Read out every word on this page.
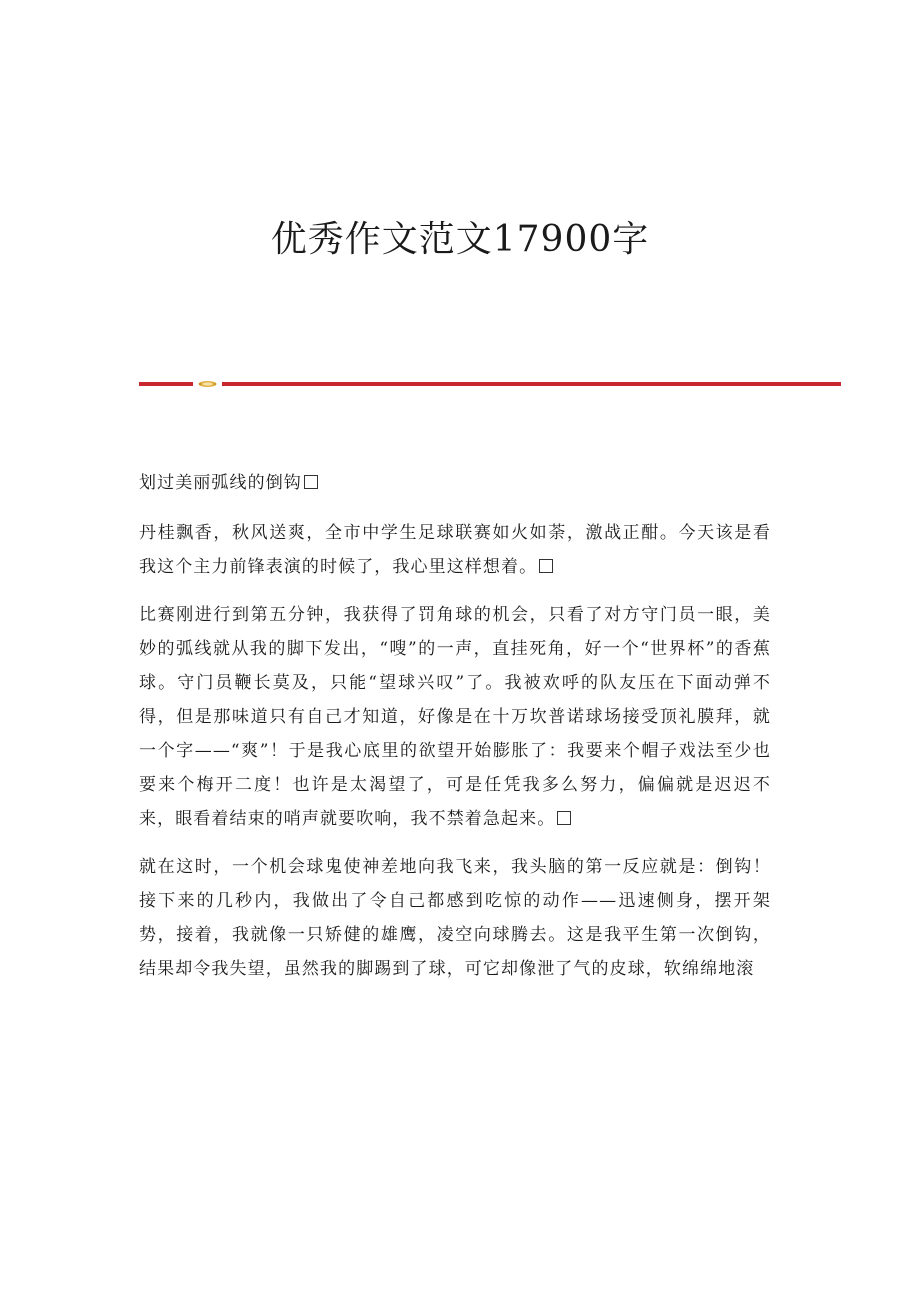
优秀作文范文17900字

划过美丽弧线的倒钩

丹桂飘香，秋风送爽，全市中学生足球联赛如火如荼，激战正酣。今天该是看我这个主力前锋表演的时候了，我心里这样想着。

比赛刚进行到第五分钟，我获得了罚角球的机会，只看了对方守门员一眼，美妙的弧线就从我的脚下发出，“嗖”的一声，直挂死角，好一个“世界杯”的香蕉球。守门员鞭长莫及，只能“望球兴叹”了。我被欢呼的队友压在下面动弹不得，但是那味道只有自己才知道，好像是在十万坎普诺球场接受顶礼膜拜，就一个字——“爽”！于是我心底里的欲望开始膨胀了：我要来个帽子戏法至少也要来个梅开二度！也许是太渴望了，可是任凭我多么努力，偏偏就是迟迟不来，眼看着结束的哨声就要吹响，我不禁着急起来。

就在这时，一个机会球鬼使神差地向我飞来，我头脑的第一反应就是：倒钩！接下来的几秒内，我做出了令自己都感到吃惊的动作——迅速侧身，摆开架势，接着，我就像一只矫健的雄鹰，凌空向球腾去。这是我平生第一次倒钩，结果却令我失望，虽然我的脚踢到了球，可它却像泄了气的皮球，软绵绵地滚
